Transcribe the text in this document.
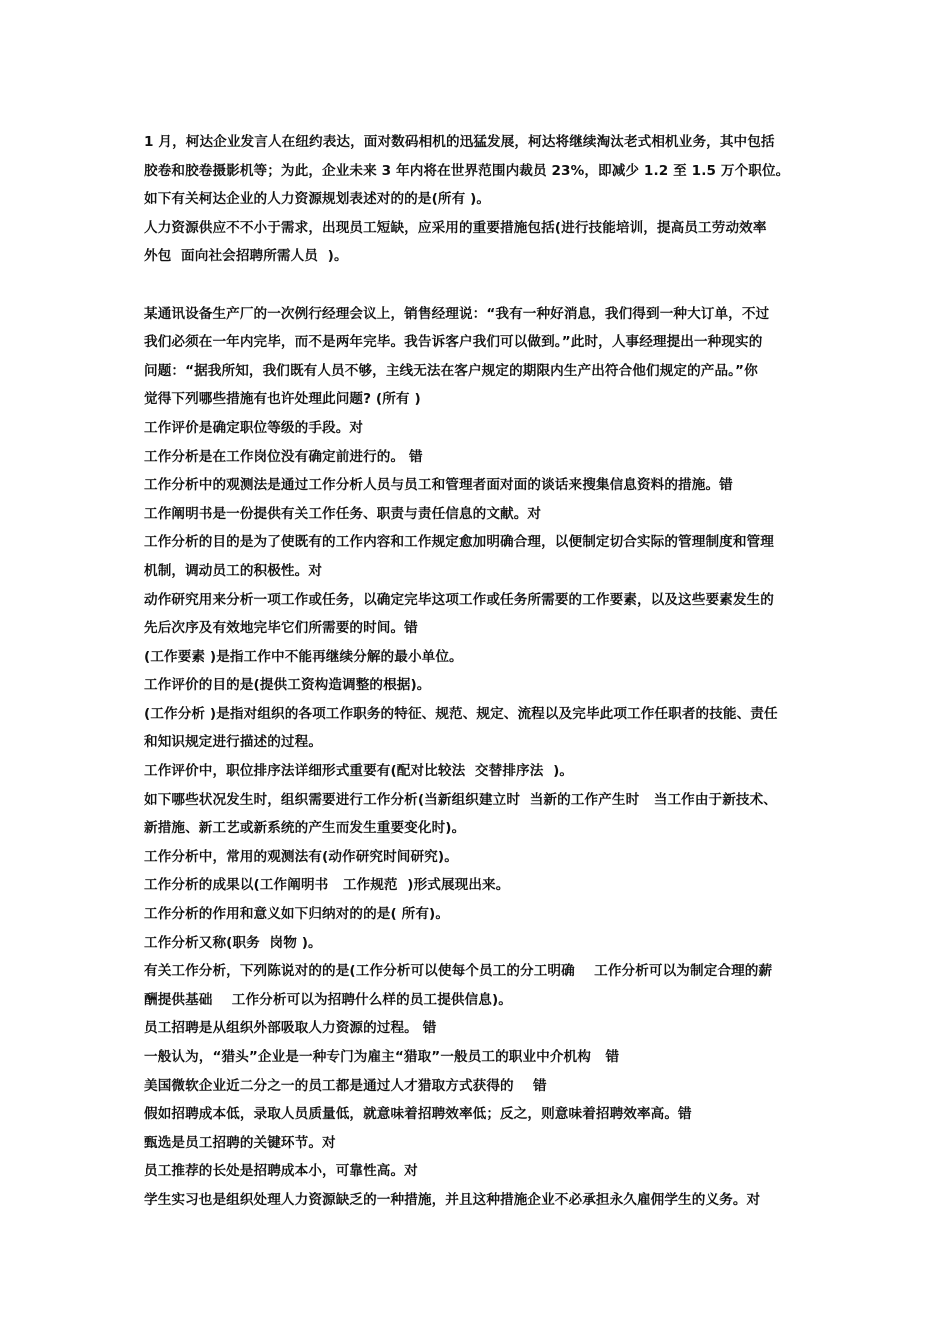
1 月，柯达企业发言人在纽约表达，面对数码相机的迅猛发展，柯达将继续淘汰老式相机业务，其中包括
胶卷和胶卷摄影机等；为此，企业未来 3 年内将在世界范围内裁员 23%，即减少 1.2 至 1.5 万个职位。
如下有关柯达企业的人力资源规划表述对的的是(所有 )。
人力资源供应不不小于需求，出现员工短缺，应采用的重要措施包括(进行技能培训，提高员工劳动效率
外包  面向社会招聘所需人员  )。
某通讯设备生产厂的一次例行经理会议上，销售经理说：“我有一种好消息，我们得到一种大订单，不过
我们必须在一年内完毕，而不是两年完毕。我告诉客户我们可以做到。”此时，人事经理提出一种现实的
问题：“据我所知，我们既有人员不够，主线无法在客户规定的期限内生产出符合他们规定的产品。”你
觉得下列哪些措施有也许处理此问题? (所有 )
工作评价是确定职位等级的手段。对
工作分析是在工作岗位没有确定前进行的。 错
工作分析中的观测法是通过工作分析人员与员工和管理者面对面的谈话来搜集信息资料的措施。错
工作阐明书是一份提供有关工作任务、职责与责任信息的文献。对
工作分析的目的是为了使既有的工作内容和工作规定愈加明确合理，以便制定切合实际的管理制度和管理
机制，调动员工的积极性。对
动作研究用来分析一项工作或任务，以确定完毕这项工作或任务所需要的工作要素，以及这些要素发生的
先后次序及有效地完毕它们所需要的时间。错
(工作要素 )是指工作中不能再继续分解的最小单位。
工作评价的目的是(提供工资构造调整的根据)。
(工作分析 )是指对组织的各项工作职务的特征、规范、规定、流程以及完毕此项工作任职者的技能、责任
和知识规定进行描述的过程。
工作评价中，职位排序法详细形式重要有(配对比较法  交替排序法  )。
如下哪些状况发生时，组织需要进行工作分析(当新组织建立时  当新的工作产生时   当工作由于新技术、
新措施、新工艺或新系统的产生而发生重要变化时)。
工作分析中，常用的观测法有(动作研究时间研究)。
工作分析的成果以(工作阐明书   工作规范  )形式展现出来。
工作分析的作用和意义如下归纳对的的是( 所有)。
工作分析又称(职务  岗物 )。
有关工作分析，下列陈说对的的是(工作分析可以使每个员工的分工明确    工作分析可以为制定合理的薪
酬提供基础    工作分析可以为招聘什么样的员工提供信息)。
员工招聘是从组织外部吸取人力资源的过程。 错
一般认为，“猎头”企业是一种专门为雇主“猎取”一般员工的职业中介机构   错
美国微软企业近二分之一的员工都是通过人才猎取方式获得的    错
假如招聘成本低，录取人员质量低，就意味着招聘效率低；反之，则意味着招聘效率高。错
甄选是员工招聘的关键环节。对
员工推荐的长处是招聘成本小，可靠性高。对
学生实习也是组织处理人力资源缺乏的一种措施，并且这种措施企业不必承担永久雇佣学生的义务。对
